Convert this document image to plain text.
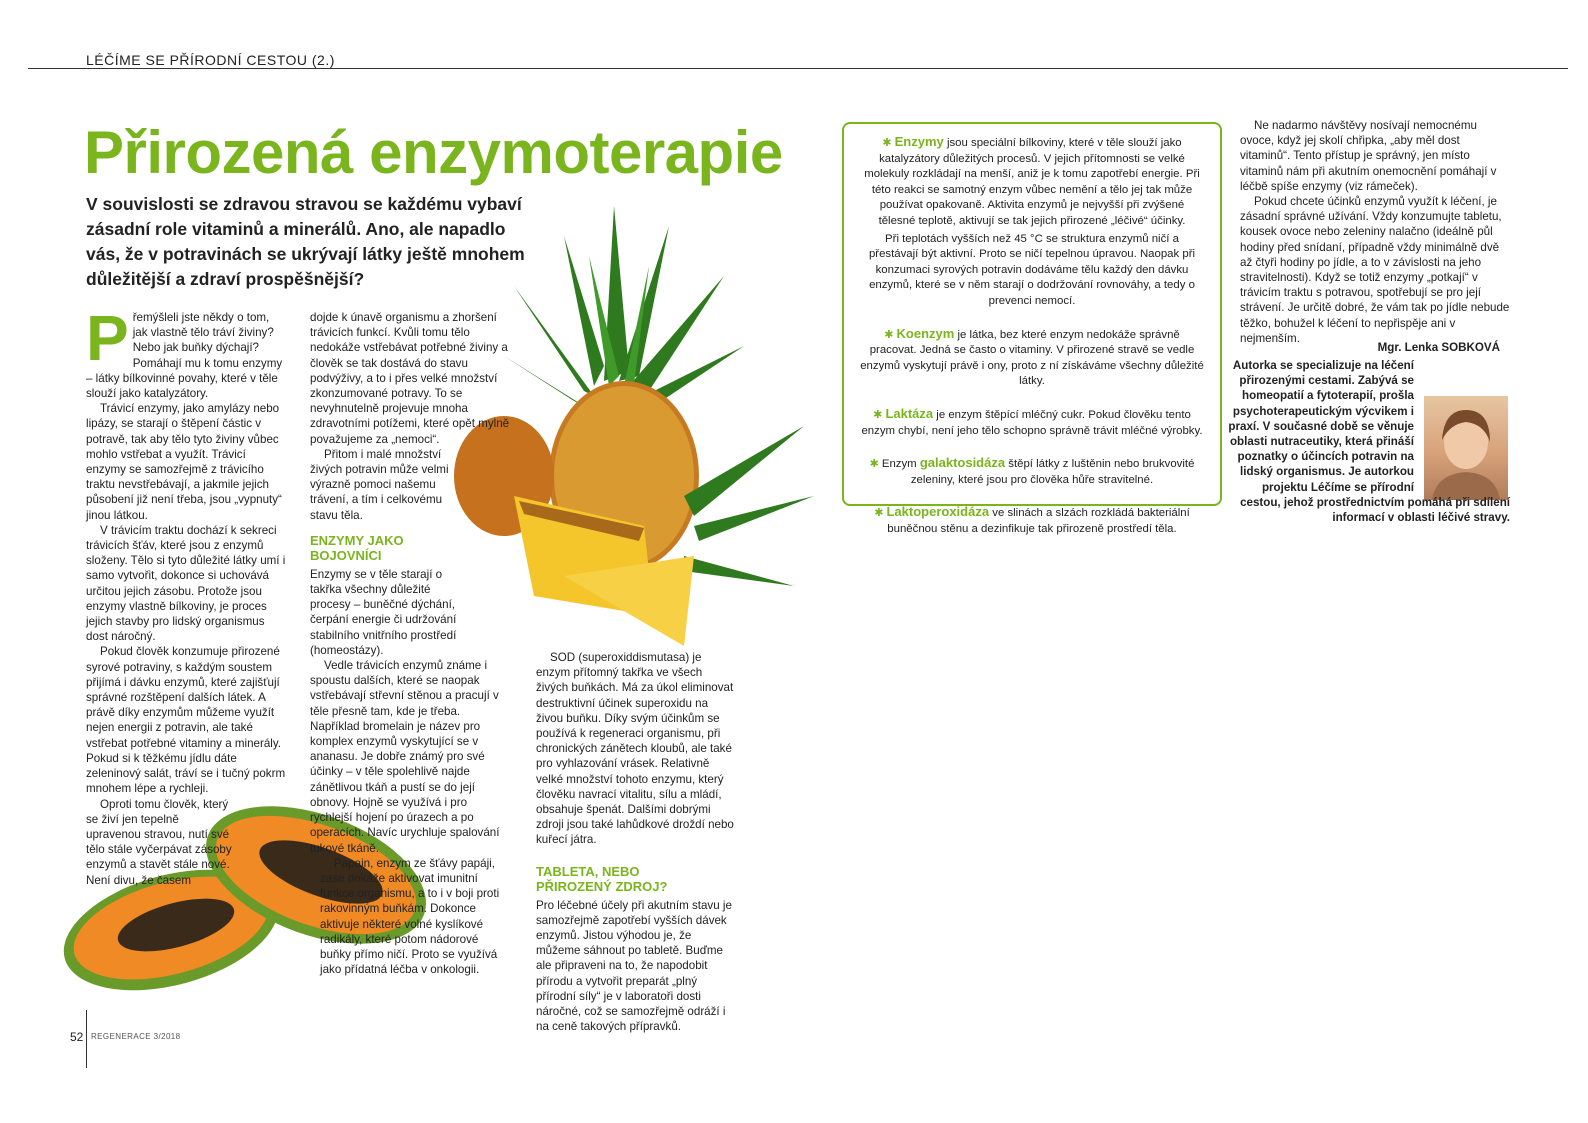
LÉČÍME SE PŘÍRODNÍ CESTOU (2.)
Přirozená enzymoterapie
V souvislosti se zdravou stravou se každému vybaví zásadní role vitaminů a minerálů. Ano, ale napadlo vás, že v potravinách se ukrývají látky ještě mnohem důležitější a zdraví prospěšnější?
P řemýšleli jste někdy o tom, jak vlastně tělo tráví živiny? Nebo jak buňky dýchají? Pomáhají mu k tomu enzymy – látky bílkovinné povahy, které v těle slouží jako katalyzátory.

Trávicí enzymy, jako amylázy nebo lipázy, se starají o štěpení částic v potravě, tak aby tělo tyto živiny vůbec mohlo vstřebat a využít. Trávicí enzymy se samozřejmě z trávicího traktu nevstřebávají, a jakmile jejich působení již není třeba, jsou „vypnuty“ jinou látkou.

V trávicím traktu dochází k sekreci trávicích šťáv, které jsou z enzymů složeny. Tělo si tyto důležité látky umí i samo vytvořit, dokonce si uchovává určitou jejich zásobu. Protože jsou enzymy vlastně bílkoviny, je proces jejich stavby pro lidský organismus dost náročný.

Pokud člověk konzumuje přirozené syrové potraviny, s každým soustem přijímá i dávku enzymů, které zajišťují správné rozštěpení dalších látek. A právě díky enzymům můžeme využít nejen energii z potravin, ale také vstřebat potřebné vitaminy a minerály. Pokud si k těžkému jídlu dáte zeleninový salát, tráví se i tučný pokrm mnohem lépe a rychleji.

Oproti tomu člověk, který se živí jen tepelně upravenou stravou, nutí své tělo stále vyčerpávat zásoby enzymů a stavět stále nové. Není divu, že časem

dojde k únavě organismu a zhoršení trávicích funkcí. Kvůli tomu tělo nedokáže vstřebávat potřebné živiny a člověk se tak dostává do stavu podvýživy, a to i přes velké množství zkonzumované potravy. To se nevyhnutelně projevuje mnoha zdravotními potížemi, které opět mylně považujeme za „nemoci“.

Přitom i malé množství živých potravin může velmi výrazně pomoci našemu trávení, a tím i celkovému stavu těla.

ENZYMY JAKO BOJOVNÍCI

Enzymy se v těle starají o takřka všechny důležité procesy – buněčné dýchání, čerpání energie či udržování stabilního vnitřního prostředí (homeostázy).

Vedle trávicích enzymů známe i spoustu dalších, které se naopak vstřebávají střevní stěnou a pracují v těle přesně tam, kde je třeba. Například bromelain je název pro komplex enzymů vyskytující se v ananasu. Je dobře známý pro své účinky – v těle spolehlivě najde zánětlivou tkáň a pustí se do její obnovy. Hojně se využívá i pro rychlejší hojení po úrazech a po operacích. Navíc urychluje spalování tukové tkáně.

Papain, enzym ze šťávy papáji, zase dokáže aktivovat imunitní funkce organismu, a to i v boji proti rakovinným buňkám. Dokonce aktivuje některé volné kyslíkové radikály, které potom nádorové buňky přímo ničí. Proto se využívá jako přídatná léčba v onkologii.

SOD (superoxiddismutasa) je enzym přítomný takřka ve všech živých buňkách. Má za úkol eliminovat destruktivní účinek superoxidu na živou buňku. Díky svým účinkům se používá k regeneraci organismu, při chronických zánětech kloubů, ale také pro vyhlazování vrásek. Relativně velké množství tohoto enzymu, který člověku navrací vitalitu, sílu a mládí, obsahuje špenát. Dalšími dobrými zdroji jsou také lahůdkové droždí nebo kuřecí játra.

TABLETA, NEBO PŘIROZENÝ ZDROJ?

Pro léčebné účely při akutním stavu je samozřejmě zapotřebí vyšších dávek enzymů. Jistou výhodou je, že můžeme sáhnout po tabletě. Buďme ale připraveni na to, že napodobit přírodu a vytvořit preparát „plný přírodní síly“ je v laboratoři dosti náročné, což se samozřejmě odráží i na ceně takových přípravků.

✱ Enzymy jsou speciální bílkoviny, které v těle slouží jako katalyzátory důležitých procesů. V jejich přítomnosti se velké molekuly rozkládají na menší, aniž je k tomu zapotřebí energie. Při této reakci se samotný enzym vůbec nemění a tělo jej tak může používat opakovaně. Aktivita enzymů je nejvyšší při zvýšené tělesné teplotě, aktivují se tak jejich přirozené „léčivé“ účinky.

Při teplotách vyšších než 45 °C se struktura enzymů ničí a přestávají být aktivní. Proto se ničí tepelnou úpravou. Naopak při konzumaci syrových potravin dodáváme tělu každý den dávku enzymů, které se v něm starají o dodržování rovnováhy, a tedy o prevenci nemocí.

✱ Koenzym je látka, bez které enzym nedokáže správně pracovat. Jedná se často o vitaminy. V přirozené stravě se vedle enzymů vyskytují právě i ony, proto z ní získáváme všechny důležité látky.

✱ Laktáza je enzym štěpící mléčný cukr. Pokud člověku tento enzym chybí, není jeho tělo schopno správně trávit mléčné výrobky.

✱ Enzym galaktosidáza štěpí látky z luštěnin nebo brukvovité zeleniny, které jsou pro člověka hůře stravitelné.

✱ Laktoperoxidáza ve slinách a slzách rozkládá bakteriální buněčnou stěnu a dezinfikuje tak přirozeně prostředí těla.

Ne nadarmo návštěvy nosívají nemocnému ovoce, když jej skolí chřipka, „aby měl dost vitaminů“. Tento přístup je správný, jen místo vitaminů nám při akutním onemocnění pomáhají v léčbě spíše enzymy (viz rámeček).

Pokud chcete účinků enzymů využít k léčení, je zásadní správné užívání. Vždy konzumujte tabletu, kousek ovoce nebo zeleniny nalačno (ideálně půl hodiny před snídaní, případně vždy minimálně dvě až čtyři hodiny po jídle, a to v závislosti na jeho stravitelnosti). Když se totiž enzymy „potkají“ v trávicím traktu s potravou, spotřebují se pro její strávení. Je určitě dobré, že vám tak po jídle nebude těžko, bohužel k léčení to nepřispěje ani v nejmenším.

Mgr. Lenka SOBKOVÁ
Autorka se specializuje na léčení přirozenými cestami. Zabývá se homeopatií a fytoterapií, prošla psychoterapeutickým výcvikem i praxí. V současné době se věnuje oblasti nutraceutiky, která přináší poznatky o účincích potravin na lidský organismus. Je autorkou projektu Léčíme se přírodní cestou, jehož prostřednictvím pomáhá při sdílení informací v oblasti léčivé stravy.
52 REGENERACE 3/2018
